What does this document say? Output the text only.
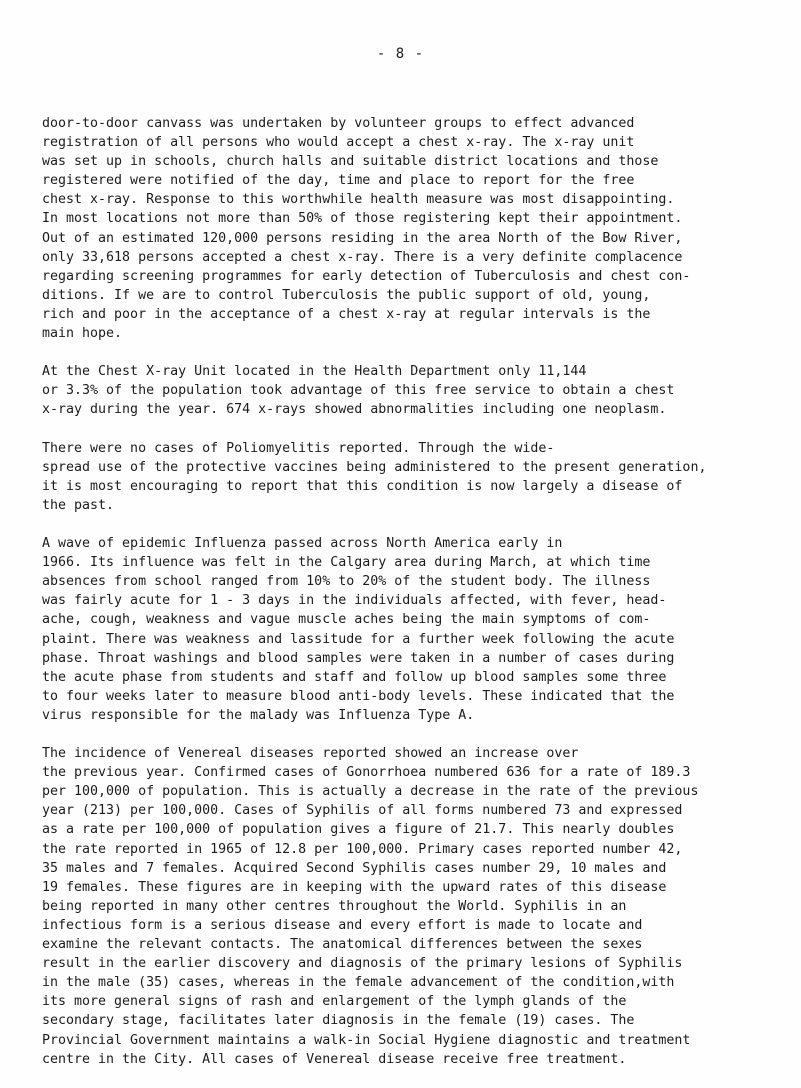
- 8 -

door-to-door canvass was undertaken by volunteer groups to effect advanced
registration of all persons who would accept a chest x-ray. The x-ray unit
was set up in schools, church halls and suitable district locations and those
registered were notified of the day, time and place to report for the free
chest x-ray. Response to this worthwhile health measure was most disappointing.
In most locations not more than 50% of those registering kept their appointment.
Out of an estimated 120,000 persons residing in the area North of the Bow River,
only 33,618 persons accepted a chest x-ray. There is a very definite complacence
regarding screening programmes for early detection of Tuberculosis and chest con-
ditions. If we are to control Tuberculosis the public support of old, young,
rich and poor in the acceptance of a chest x-ray at regular intervals is the
main hope.

At the Chest X-ray Unit located in the Health Department only 11,144
or 3.3% of the population took advantage of this free service to obtain a chest
x-ray during the year. 674 x-rays showed abnormalities including one neoplasm.

There were no cases of Poliomyelitis reported. Through the wide-
spread use of the protective vaccines being administered to the present generation,
it is most encouraging to report that this condition is now largely a disease of
the past.

A wave of epidemic Influenza passed across North America early in
1966. Its influence was felt in the Calgary area during March, at which time
absences from school ranged from 10% to 20% of the student body. The illness
was fairly acute for 1 - 3 days in the individuals affected, with fever, head-
ache, cough, weakness and vague muscle aches being the main symptoms of com-
plaint. There was weakness and lassitude for a further week following the acute
phase. Throat washings and blood samples were taken in a number of cases during
the acute phase from students and staff and follow up blood samples some three
to four weeks later to measure blood anti-body levels. These indicated that the
virus responsible for the malady was Influenza Type A.

The incidence of Venereal diseases reported showed an increase over
the previous year. Confirmed cases of Gonorrhoea numbered 636 for a rate of 189.3
per 100,000 of population. This is actually a decrease in the rate of the previous
year (213) per 100,000. Cases of Syphilis of all forms numbered 73 and expressed
as a rate per 100,000 of population gives a figure of 21.7. This nearly doubles
the rate reported in 1965 of 12.8 per 100,000. Primary cases reported number 42,
35 males and 7 females. Acquired Second Syphilis cases number 29, 10 males and
19 females. These figures are in keeping with the upward rates of this disease
being reported in many other centres throughout the World. Syphilis in an
infectious form is a serious disease and every effort is made to locate and
examine the relevant contacts. The anatomical differences between the sexes
result in the earlier discovery and diagnosis of the primary lesions of Syphilis
in the male (35) cases, whereas in the female advancement of the condition,with
its more general signs of rash and enlargement of the lymph glands of the
secondary stage, facilitates later diagnosis in the female (19) cases. The
Provincial Government maintains a walk-in Social Hygiene diagnostic and treatment
centre in the City. All cases of Venereal disease receive free treatment.
